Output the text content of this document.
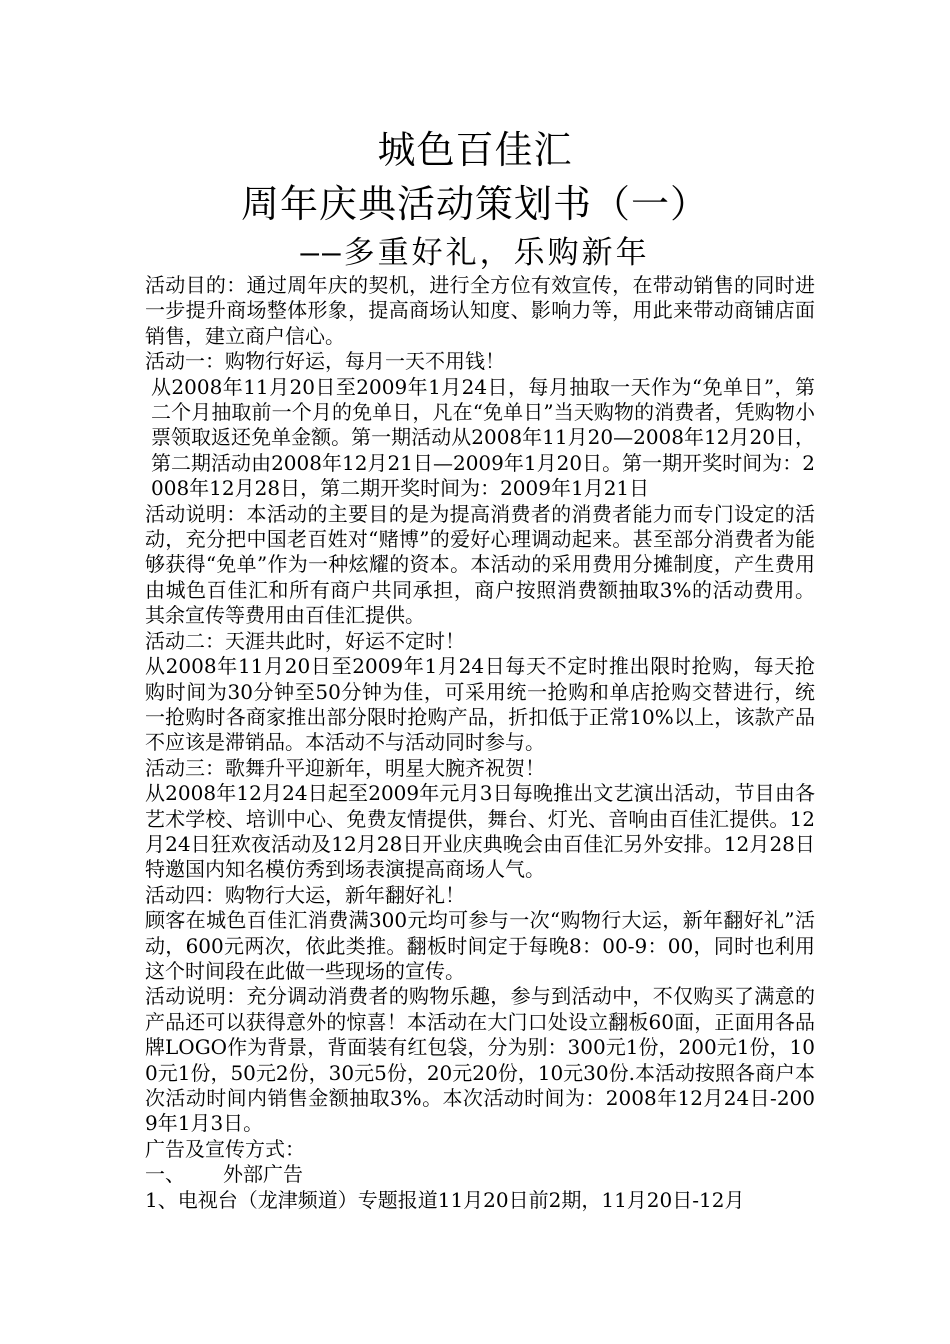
城色百佳汇
周年庆典活动策划书（一）
——多重好礼，乐购新年

活动目的：通过周年庆的契机，进行全方位有效宣传，在带动销售的同时进一步提升商场整体形象，提高商场认知度、影响力等，用此来带动商铺店面销售，建立商户信心。

活动一：购物行好运，每月一天不用钱！

从2008年11月20日至2009年1月24日，每月抽取一天作为“免单日”，第二个月抽取前一个月的免单日，凡在“免单日”当天购物的消费者，凭购物小票领取返还免单金额。第一期活动从2008年11月20—2008年12月20日，第二期活动由2008年12月21日—2009年1月20日。第一期开奖时间为：2008年12月28日，第二期开奖时间为：2009年1月21日

活动说明：本活动的主要目的是为提高消费者的消费者能力而专门设定的活动，充分把中国老百姓对“赌博”的爱好心理调动起来。甚至部分消费者为能够获得“免单”作为一种炫耀的资本。本活动的采用费用分摊制度，产生费用由城色百佳汇和所有商户共同承担，商户按照消费额抽取3%的活动费用。其余宣传等费用由百佳汇提供。

活动二：天涯共此时，好运不定时！

从2008年11月20日至2009年1月24日每天不定时推出限时抢购，每天抢购时间为30分钟至50分钟为佳，可采用统一抢购和单店抢购交替进行，统一抢购时各商家推出部分限时抢购产品，折扣低于正常10%以上，该款产品不应该是滞销品。本活动不与活动同时参与。

活动三：歌舞升平迎新年，明星大腕齐祝贺！

从2008年12月24日起至2009年元月3日每晚推出文艺演出活动，节目由各艺术学校、培训中心、免费友情提供，舞台、灯光、音响由百佳汇提供。12月24日狂欢夜活动及12月28日开业庆典晚会由百佳汇另外安排。12月28日特邀国内知名模仿秀到场表演提高商场人气。

活动四：购物行大运，新年翻好礼！

顾客在城色百佳汇消费满300元均可参与一次“购物行大运，新年翻好礼”活动，600元两次，依此类推。翻板时间定于每晚8：00-9：00，同时也利用这个时间段在此做一些现场的宣传。

活动说明：充分调动消费者的购物乐趣，参与到活动中，不仅购买了满意的产品还可以获得意外的惊喜！本活动在大门口处设立翻板60面，正面用各品牌LOGO作为背景，背面装有红包袋，分为别：300元1份，200元1份，100元1份，50元2份，30元5份，20元20份，10元30份.本活动按照各商户本次活动时间内销售金额抽取3%。本次活动时间为：2008年12月24日-2009年1月3日。

广告及宣传方式：

一、 外部广告

1、电视台（龙津频道）专题报道11月20日前2期，11月20日-12月
